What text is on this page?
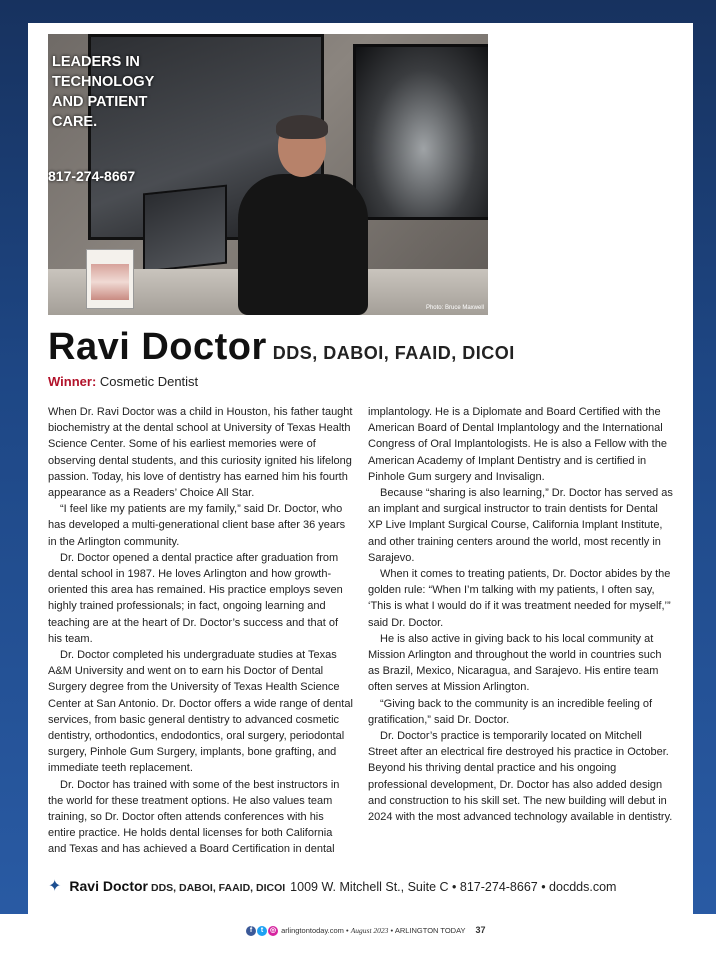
LEADERS IN TECHNOLOGY AND PATIENT CARE.
817-274-8667
Photo: Bruce Maxwell
Ravi Doctor DDS, DABOI, FAAID, DICOI
Winner: Cosmetic Dentist

When Dr. Ravi Doctor was a child in Houston, his father taught biochemistry at the dental school at University of Texas Health Science Center. Some of his earliest memories were of observing dental students, and this curiosity ignited his lifelong passion. Today, his love of dentistry has earned him his fourth appearance as a Readers’ Choice All Star.

“I feel like my patients are my family,” said Dr. Doctor, who has developed a multi-generational client base after 36 years in the Arlington community.

Dr. Doctor opened a dental practice after graduation from dental school in 1987. He loves Arlington and how growth-oriented this area has remained. His practice employs seven highly trained professionals; in fact, ongoing learning and teaching are at the heart of Dr. Doctor’s success and that of his team.

Dr. Doctor completed his undergraduate studies at Texas A&M University and went on to earn his Doctor of Dental Surgery degree from the University of Texas Health Science Center at San Antonio. Dr. Doctor offers a wide range of dental services, from basic general dentistry to advanced cosmetic dentistry, orthodontics, endodontics, oral surgery, periodontal surgery, Pinhole Gum Surgery, implants, bone grafting, and immediate teeth replacement.

Dr. Doctor has trained with some of the best instructors in the world for these treatment options. He also values team training, so Dr. Doctor often attends conferences with his entire practice. He holds dental licenses for both California and Texas and has achieved a Board Certification in dental

implantology. He is a Diplomate and Board Certified with the American Board of Dental Implantology and the International Congress of Oral Implantologists. He is also a Fellow with the American Academy of Implant Dentistry and is certified in Pinhole Gum surgery and Invisalign.

Because “sharing is also learning,” Dr. Doctor has served as an implant and surgical instructor to train dentists for Dental XP Live Implant Surgical Course, California Implant Institute, and other training centers around the world, most recently in Sarajevo.

When it comes to treating patients, Dr. Doctor abides by the golden rule: “When I’m talking with my patients, I often say, ‘This is what I would do if it was treatment needed for myself,’” said Dr. Doctor.

He is also active in giving back to his local community at Mission Arlington and throughout the world in countries such as Brazil, Mexico, Nicaragua, and Sarajevo. His entire team often serves at Mission Arlington.

“Giving back to the community is an incredible feeling of gratification,” said Dr. Doctor.

Dr. Doctor’s practice is temporarily located on Mitchell Street after an electrical fire destroyed his practice in October. Beyond his thriving dental practice and his ongoing professional development, Dr. Doctor has also added design and construction to his skill set. The new building will debut in 2024 with the most advanced technology available in dentistry.

✦ Ravi Doctor DDS, DABOI, FAAID, DICOI 1009 W. Mitchell St., Suite C • 817-274-8667 • docdds.com
f t ◎ arlingtontoday.com • August 2023 • ARLINGTON TODAY 37
